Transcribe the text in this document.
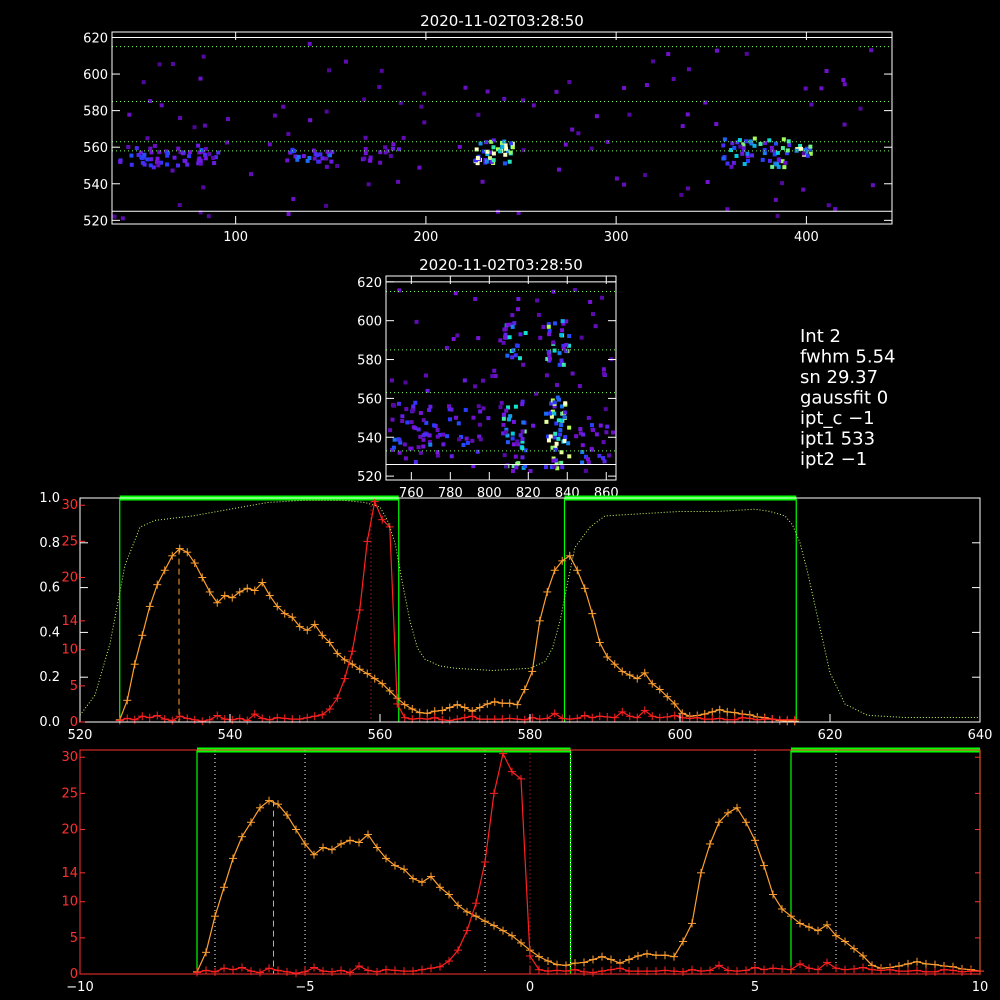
100	200	300	400
520
540
560
580
600
620
2020-11-02T03:28:50
760 780 800 820 840 860
520
540
560
580
600
620
2020-11-02T03:28:50
Int 2
fwhm 5.54
sn 29.37
gaussfit 0
ipt_c −1
ipt1 533
ipt2 −1
520	540	560	580	600	620	640
0.0
0.2
0.4
0.6
0.8
1.0
0
5
10
14
20
25
30
−10	−5	0	5	10
0
5
10
14
20
25
30
